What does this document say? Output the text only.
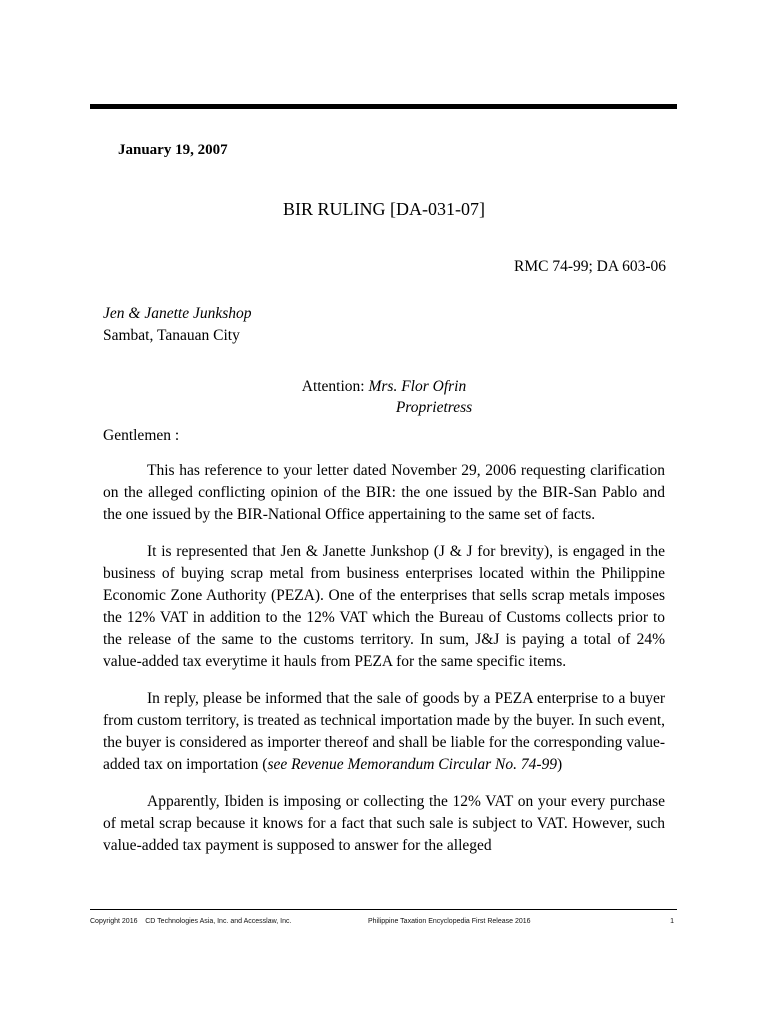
January 19, 2007
BIR RULING [DA-031-07]
RMC 74-99; DA 603-06
Jen & Janette Junkshop
Sambat, Tanauan City
Attention: Mrs. Flor Ofrin
Proprietress
Gentlemen :

This has reference to your letter dated November 29, 2006 requesting clarification on the alleged conflicting opinion of the BIR: the one issued by the BIR-San Pablo and the one issued by the BIR-National Office appertaining to the same set of facts.

It is represented that Jen & Janette Junkshop (J & J for brevity), is engaged in the business of buying scrap metal from business enterprises located within the Philippine Economic Zone Authority (PEZA). One of the enterprises that sells scrap metals imposes the 12% VAT in addition to the 12% VAT which the Bureau of Customs collects prior to the release of the same to the customs territory. In sum, J&J is paying a total of 24% value-added tax everytime it hauls from PEZA for the same specific items.

In reply, please be informed that the sale of goods by a PEZA enterprise to a buyer from custom territory, is treated as technical importation made by the buyer. In such event, the buyer is considered as importer thereof and shall be liable for the corresponding value-added tax on importation (see Revenue Memorandum Circular No. 74-99)

Apparently, Ibiden is imposing or collecting the 12% VAT on your every purchase of metal scrap because it knows for a fact that such sale is subject to VAT. However, such value-added tax payment is supposed to answer for the alleged

Copyright 2016    CD Technologies Asia, Inc. and Accesslaw, Inc.	Philippine Taxation Encyclopedia First Release 2016	1
